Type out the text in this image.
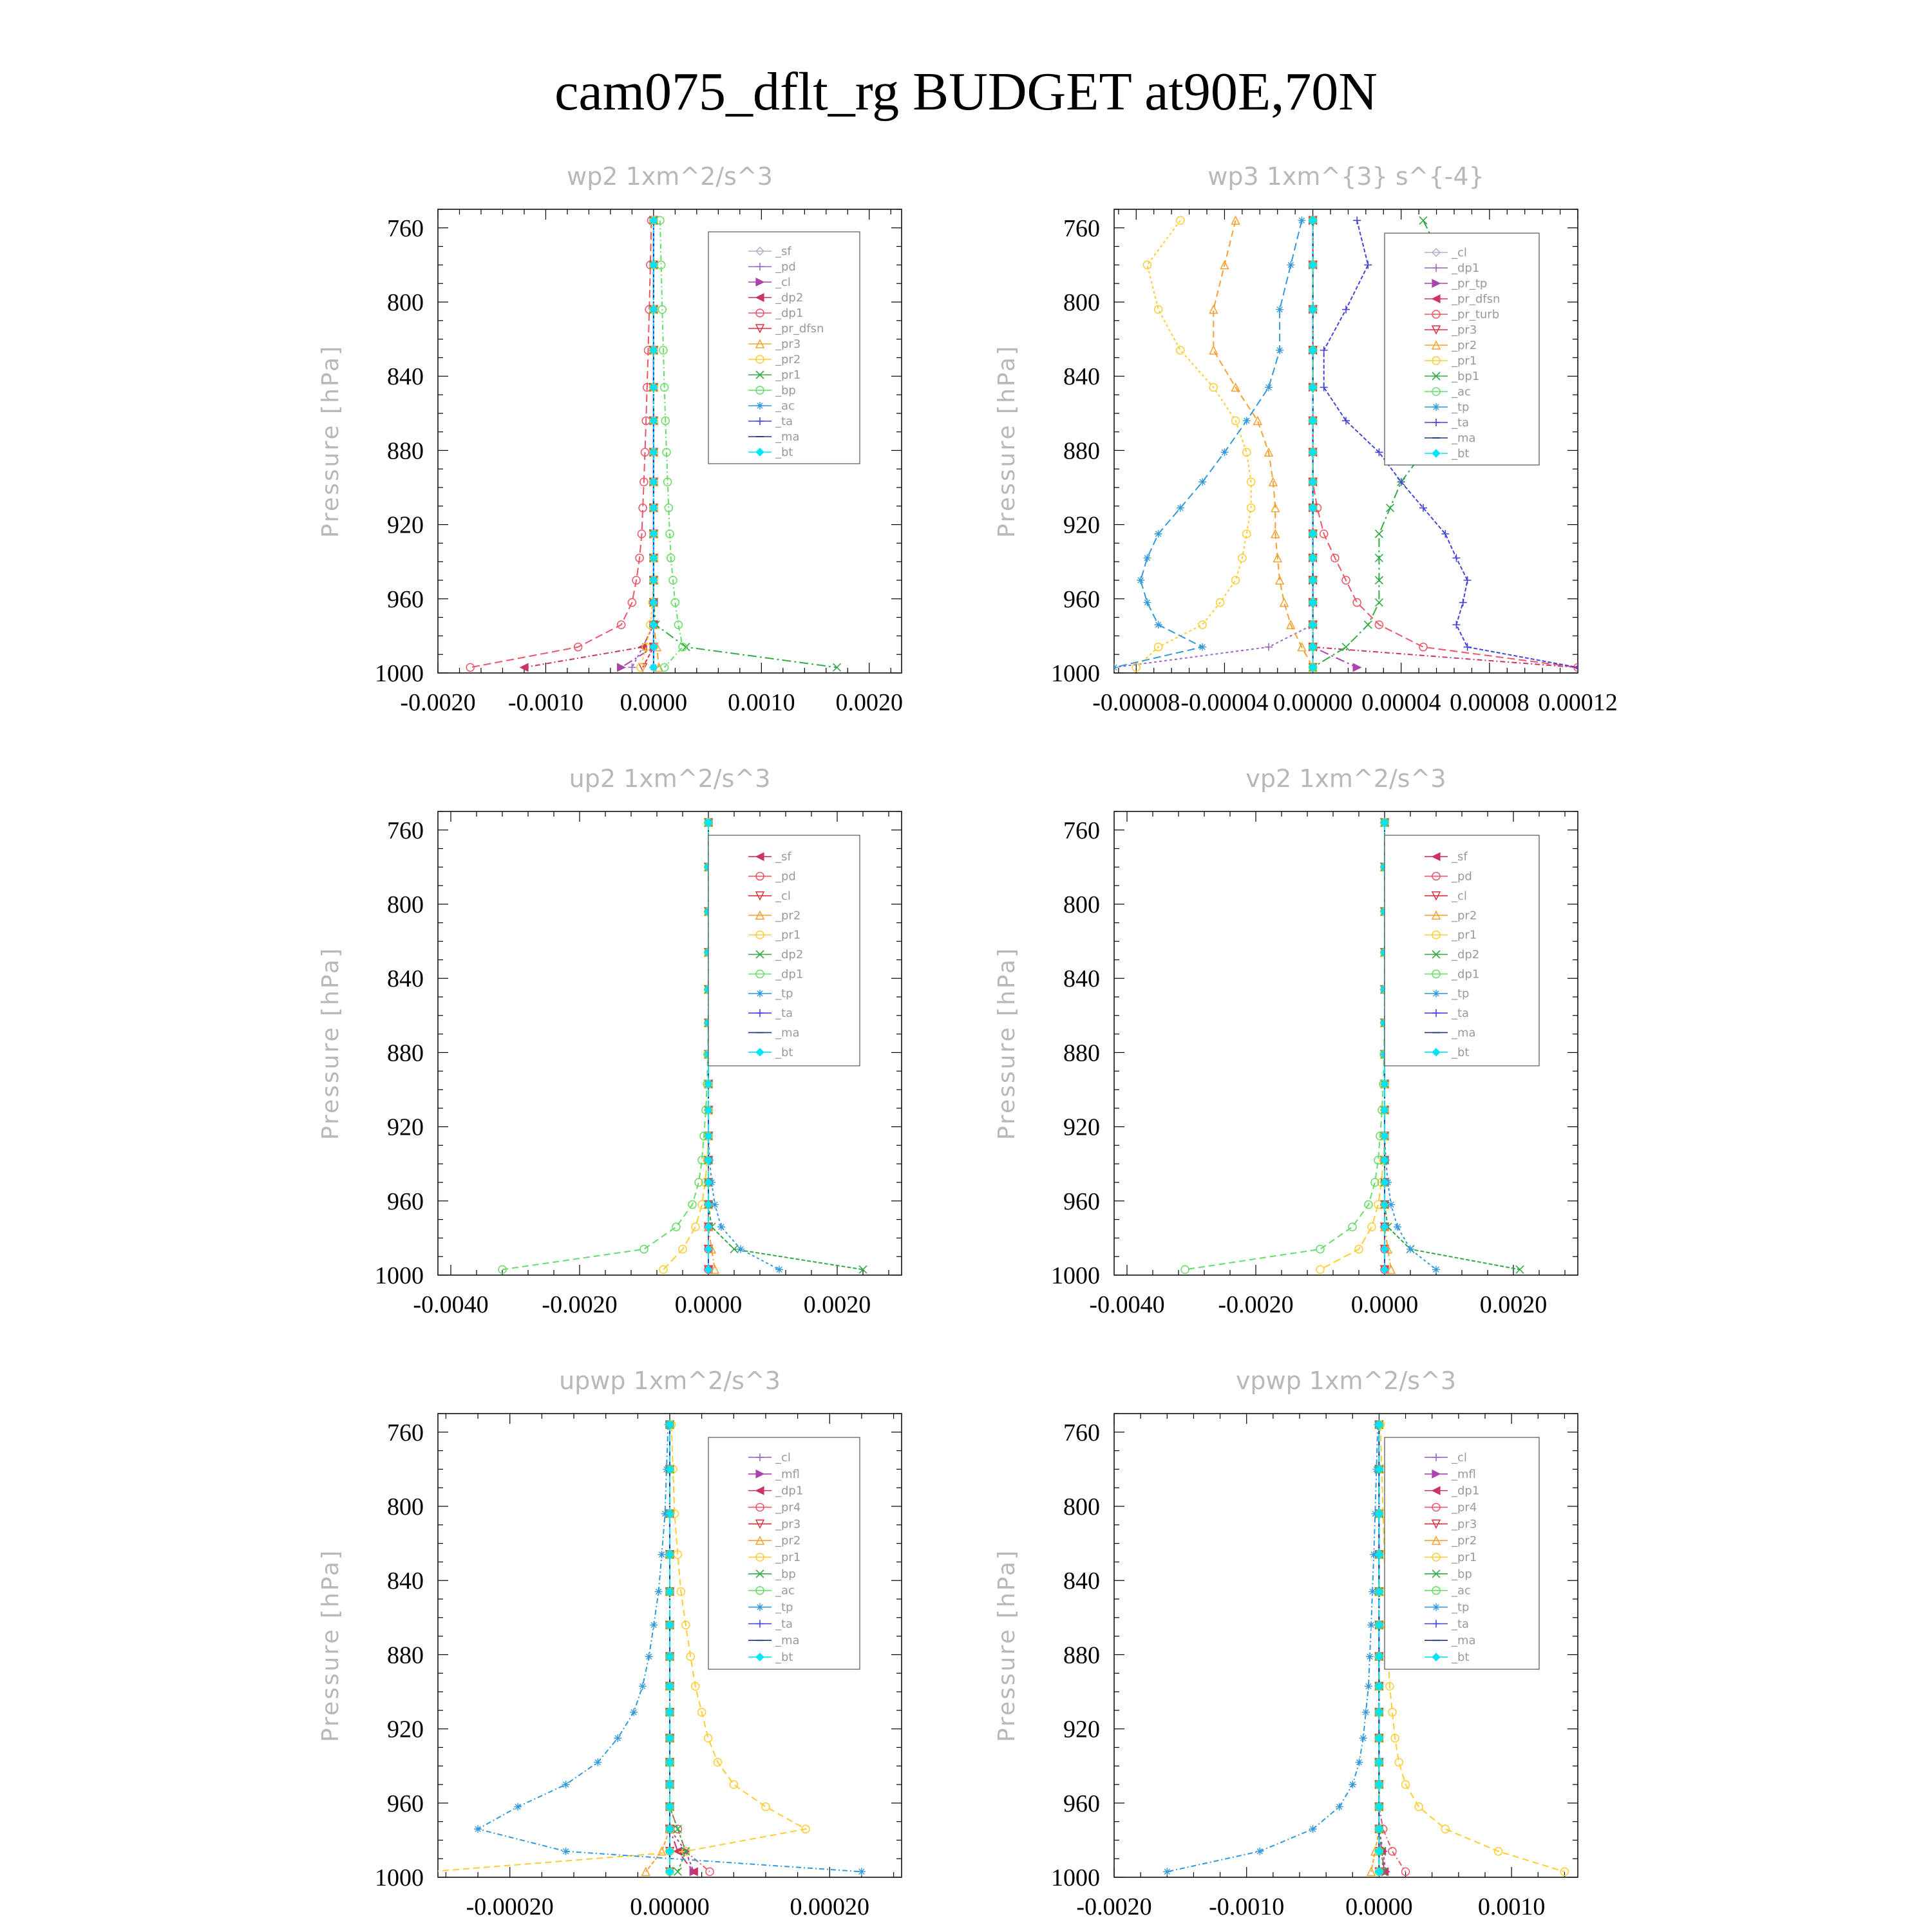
cam075_dflt_rg BUDGET at90E,70N
wp2 1xm^2/s^3
Pressure [hPa]
760
800
840
880
920
960
1000
-0.0020 -0.0010 0.0000 0.0010 0.0020
_sf
_pd
_cl
_dp2
_dp1
_pr_dfsn
_pr3
_pr2
_pr1
_bp
_ac
_ta
_ma
_bt
wp3 1xm^{3} s^{-4}
Pressure [hPa]
760
800
840
880
920
960
1000
-0.00008 -0.00004 0.00000 0.00004 0.00008 0.00012
_cl
_dp1
_pr_tp
_pr_dfsn
_pr_turb
_pr3
_pr2
_pr1
_bp1
_ac
_tp
_ta
_ma
_bt
up2 1xm^2/s^3
Pressure [hPa]
760
800
840
880
920
960
1000
-0.0040 -0.0020 0.0000	0.0020
_sf
_pd
_cl
_pr2
_pr1
_dp2
_dp1
_tp
_ta
_ma
_bt
vp2 1xm^2/s^3
Pressure [hPa]
760
800
840
880
920
960
1000
-0.0040 -0.0020 0.0000	0.0020
_sf
_pd
_cl
_pr2
_pr1
_dp2
_dp1
_tp
_ta
_ma
_bt
upwp 1xm^2/s^3
Pressure [hPa]
760
800
840
880
920
960
1000
-0.00020	0.00000	0.00020
_cl
_mfl
_dp1
_pr4
_pr3
_pr2
_pr1
_bp
_ac
_tp
_ta
_ma
_bt
vpwp 1xm^2/s^3
Pressure [hPa]
760
800
840
880
920
960
1000
-0.0020 -0.0010 0.0000	0.0010
_cl
_mfl
_dp1
_pr4
_pr3
_pr2
_pr1
_bp
_ac
_tp
_ta
_ma
_bt
